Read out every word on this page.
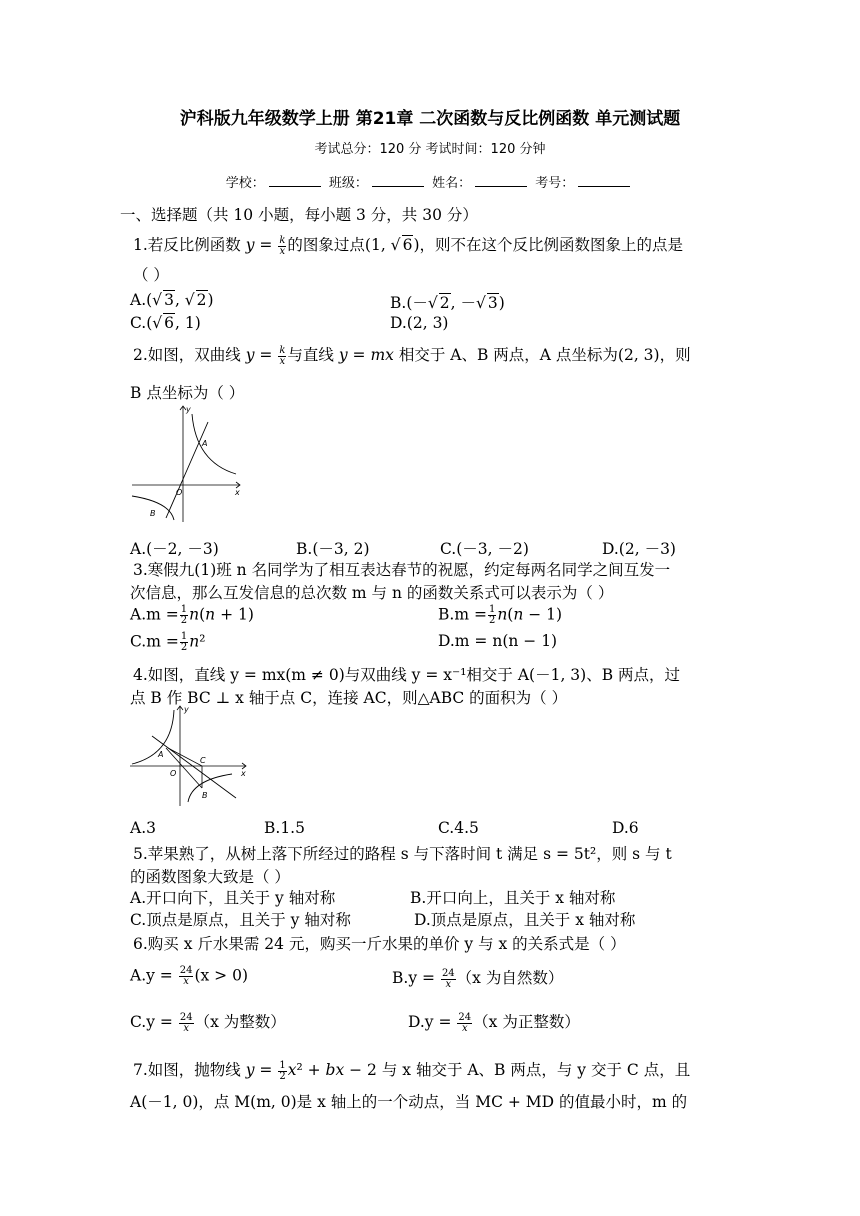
沪科版九年级数学上册 第21章 二次函数与反比例函数 单元测试题
考试总分：120 分 考试时间：120 分钟
学校：	班级：	姓名：	考号：
一、选择题（共 10 小题，每小题 3 分，共 30 分）
1.若反比例函数 $y = \frac{k}{x}$ 的图象过点(1, √ 6)，则不在这个反比例函数图象上的点是
（ ）
A.(√ 3, √ 2)	B.(－√ 2, －√ 3)
C.(√ 6, 1)	D.(2, 3)
2.如图，双曲线 $y = \frac{k}{x}$ 与直线 y = mx 相交于 A、B 两点，A 点坐标为(2, 3)，则
B 点坐标为（ ）
y
x
O
A
B
A.(－2, －3)	B.(－3, 2)	C.(－3, －2)	D.(2, －3)
3.寒假九(1)班 n 名同学为了相互表达春节的祝愿，约定每两名同学之间互发一
次信息，那么互发信息的总次数 m 与 n 的函数关系式可以表示为（ ）
$A.m = \frac{1}{2} n(n + 1)$	$B.m = \frac{1}{2} n(n - 1)$
$C.m = \frac{1}{2} n^2$	D.m = n(n − 1)
4.如图，直线 y = mx(m ≠ 0)与双曲线 y = x⁻¹相交于 A(－1, 3)、B 两点，过
点 B 作 BC ⊥ x 轴于点 C，连接 AC，则△ABC 的面积为（ ）
y
x
O
A
B
C
A.3	B.1.5	C.4.5	D.6
5.苹果熟了，从树上落下所经过的路程 s 与下落时间 t 满足 s = 5t²，则 s 与 t
的函数图象大致是（ ）
A.开口向下，且关于 y 轴对称	B.开口向上，且关于 x 轴对称
C.顶点是原点，且关于 y 轴对称	D.顶点是原点，且关于 x 轴对称
6.购买 x 斤水果需 24 元，购买一斤水果的单价 y 与 x 的关系式是（ ）
$A.y = \frac{24}{x} (x > 0)$	$B.y = \frac{24}{x} (x$ 为自然数）
$C.y = \frac{24}{x} (x$ 为整数）	$D.y = \frac{24}{x} (x$ 为正整数）
7.如图，抛物线 $y = \frac{1}{2} x^2$ + bx − 2 与 x 轴交于 A、B 两点，与 y 交于 C 点，且
A(－1, 0)，点 M(m, 0)是 x 轴上的一个动点，当 MC + MD 的值最小时，m 的
